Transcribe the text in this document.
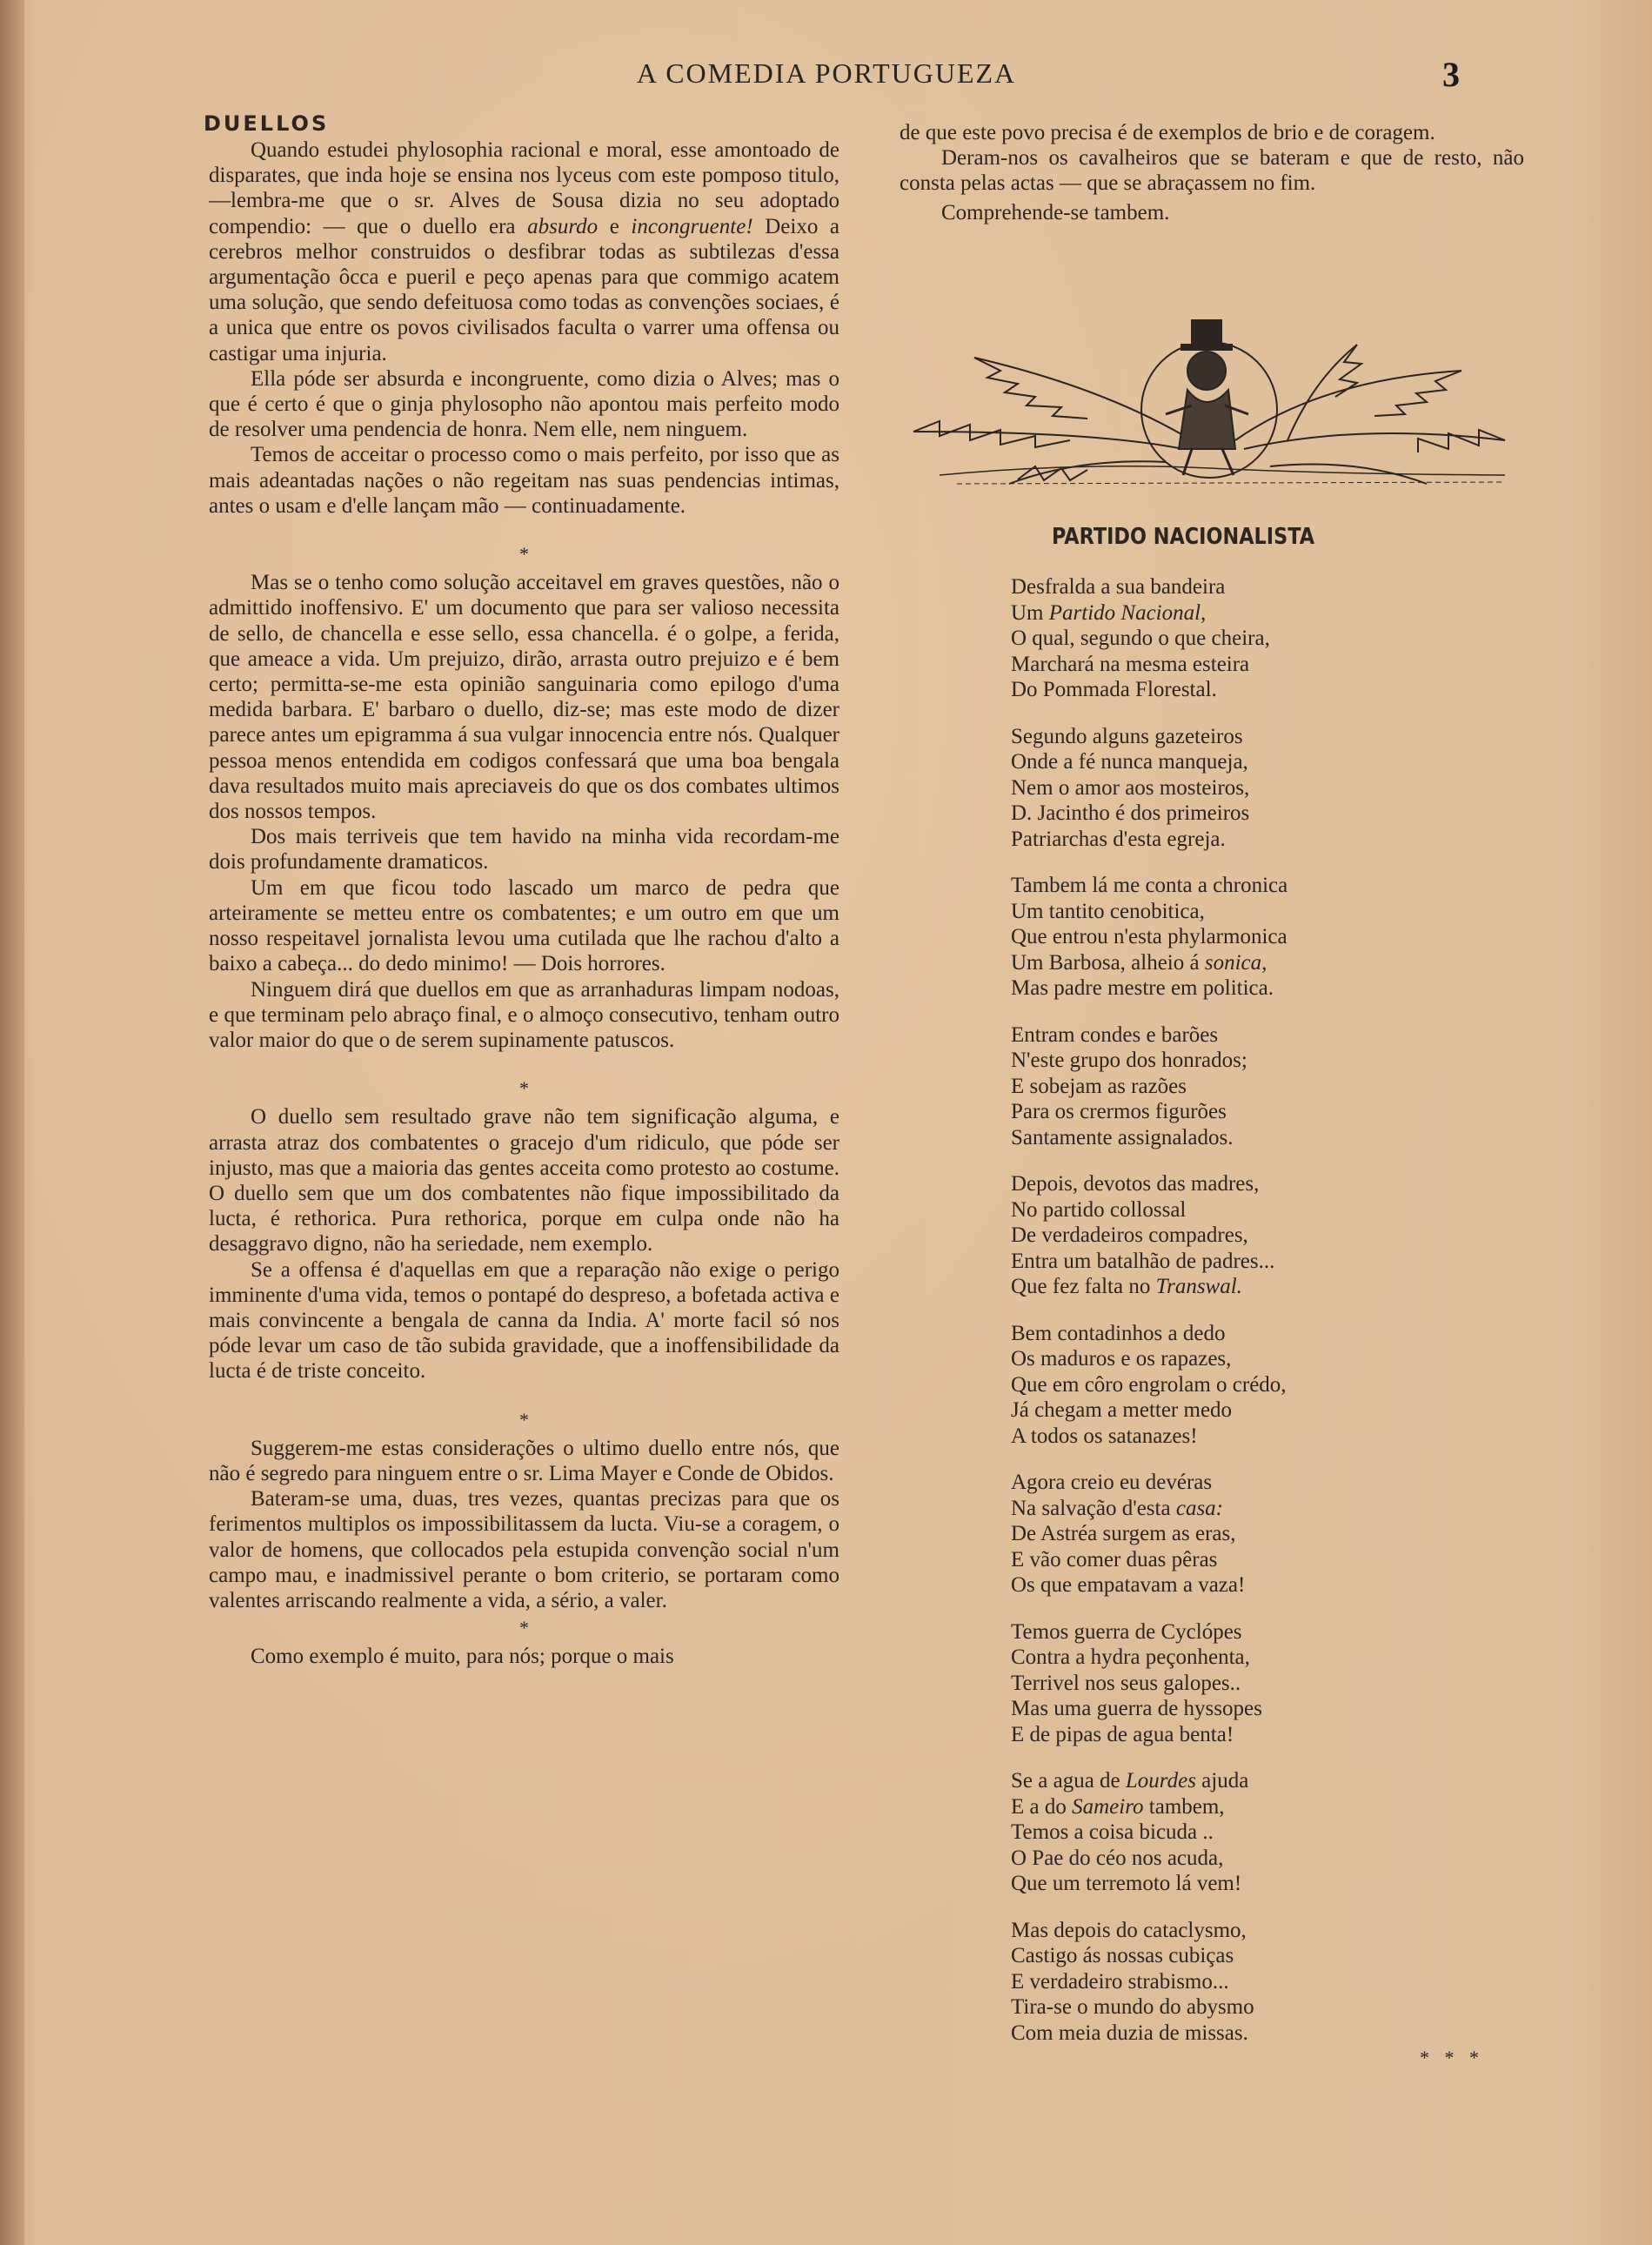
A COMEDIA PORTUGUEZA	3
DUELLOS

Quando estudei phylosophia racional e moral, esse amontoado de disparates, que inda hoje se ensina nos lyceus com este pomposo titulo,—lembra-me que o sr. Alves de Sousa dizia no seu adoptado compendio: — que o duello era absurdo e incongruente! Deixo a cerebros melhor construidos o desfibrar todas as subtilezas d'essa argumentação ôcca e pueril e peço apenas para que commigo acatem uma solução, que sendo defeituosa como todas as convenções sociaes, é a unica que entre os povos civilisados faculta o varrer uma offensa ou castigar uma injuria.

Ella póde ser absurda e incongruente, como dizia o Alves; mas o que é certo é que o ginja phylosopho não apontou mais perfeito modo de resolver uma pendencia de honra. Nem elle, nem ninguem.

Temos de acceitar o processo como o mais perfeito, por isso que as mais adeantadas nações o não regeitam nas suas pendencias intimas, antes o usam e d'elle lançam mão — continuadamente.

*

Mas se o tenho como solução acceitavel em graves questões, não o admittido inoffensivo. E' um documento que para ser valioso necessita de sello, de chancella e esse sello, essa chancella. é o golpe, a ferida, que ameace a vida. Um prejuizo, dirão, arrasta outro prejuizo e é bem certo; permitta-se-me esta opinião sanguinaria como epilogo d'uma medida barbara. E' barbaro o duello, diz-se; mas este modo de dizer parece antes um epigramma á sua vulgar innocencia entre nós. Qualquer pessoa menos entendida em codigos confessará que uma boa bengala dava resultados muito mais apreciaveis do que os dos combates ultimos dos nossos tempos.

Dos mais terriveis que tem havido na minha vida recordam-me dois profundamente dramaticos.

Um em que ficou todo lascado um marco de pedra que arteiramente se metteu entre os combatentes; e um outro em que um nosso respeitavel jornalista levou uma cutilada que lhe rachou d'alto a baixo a cabeça... do dedo minimo! — Dois horrores.

Ninguem dirá que duellos em que as arranhaduras limpam nodoas, e que terminam pelo abraço final, e o almoço consecutivo, tenham outro valor maior do que o de serem supinamente patuscos.

*

O duello sem resultado grave não tem significação alguma, e arrasta atraz dos combatentes o gracejo d'um ridiculo, que póde ser injusto, mas que a maioria das gentes acceita como protesto ao costume. O duello sem que um dos combatentes não fique impossibilitado da lucta, é rethorica. Pura rethorica, porque em culpa onde não ha desaggravo digno, não ha seriedade, nem exemplo.

Se a offensa é d'aquellas em que a reparação não exige o perigo imminente d'uma vida, temos o pontapé do despreso, a bofetada activa e mais convincente a bengala de canna da India. A' morte facil só nos póde levar um caso de tão subida gravidade, que a inoffensibilidade da lucta é de triste conceito.

*

Suggerem-me estas considerações o ultimo duello entre nós, que não é segredo para ninguem entre o sr. Lima Mayer e Conde de Obidos.

Bateram-se uma, duas, tres vezes, quantas precizas para que os ferimentos multiplos os impossibilitassem da lucta. Viu-se a coragem, o valor de homens, que collocados pela estupida convenção social n'um campo mau, e inadmissivel perante o bom criterio, se portaram como valentes arriscando realmente a vida, a sério, a valer.

*

Como exemplo é muito, para nós; porque o mais

de que este povo precisa é de exemplos de brio e de coragem.

Deram-nos os cavalheiros que se bateram e que de resto, não consta pelas actas — que se abraçassem no fim.

Comprehende-se tambem.

PARTIDO NACIONALISTA
Desfralda a sua bandeira
Um Partido Nacional,
O qual, segundo o que cheira,
Marchará na mesma esteira
Do Pommada Florestal.
Segundo alguns gazeteiros
Onde a fé nunca manqueja,
Nem o amor aos mosteiros,
D. Jacintho é dos primeiros
Patriarchas d'esta egreja.
Tambem lá me conta a chronica
Um tantito cenobitica,
Que entrou n'esta phylarmonica
Um Barbosa, alheio á sonica,
Mas padre mestre em politica.
Entram condes e barões
N'este grupo dos honrados;
E sobejam as razões
Para os crermos figurões
Santamente assignalados.
Depois, devotos das madres,
No partido collossal
De verdadeiros compadres,
Entra um batalhão de padres...
Que fez falta no Transwal.
Bem contadinhos a dedo
Os maduros e os rapazes,
Que em côro engrolam o crédo,
Já chegam a metter medo
A todos os satanazes!
Agora creio eu devéras
Na salvação d'esta casa:
De Astréa surgem as eras,
E vão comer duas pêras
Os que empatavam a vaza!
Temos guerra de Cyclópes
Contra a hydra peçonhenta,
Terrivel nos seus galopes..
Mas uma guerra de hyssopes
E de pipas de agua benta!
Se a agua de Lourdes ajuda
E a do Sameiro tambem,
Temos a coisa bicuda ..
O Pae do céo nos acuda,
Que um terremoto lá vem!
Mas depois do cataclysmo,
Castigo ás nossas cubiças
E verdadeiro strabismo...
Tira-se o mundo do abysmo
Com meia duzia de missas.
* * *
